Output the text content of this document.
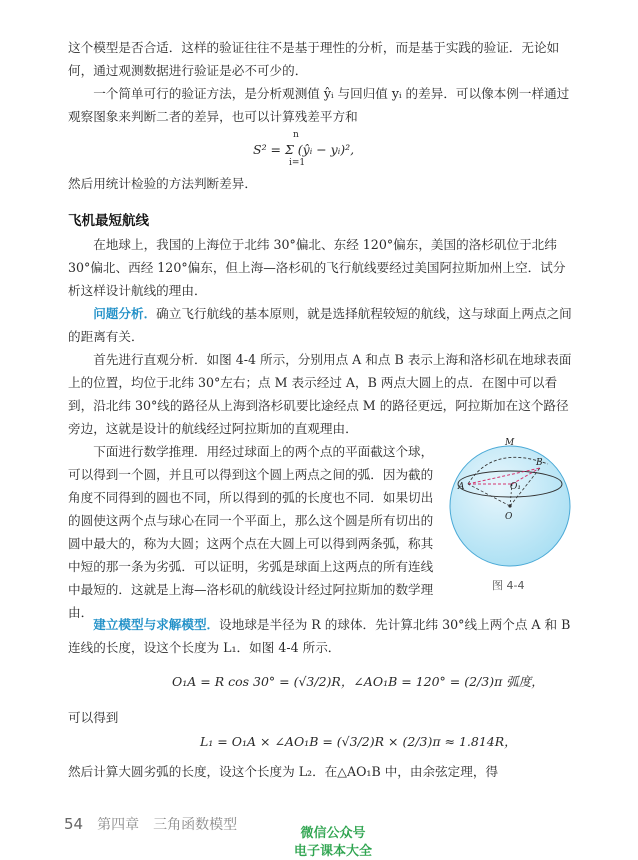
这个模型是否合适．这样的验证往往不是基于理性的分析，而是基于实践的验证．无论如何，通过观测数据进行验证是必不可少的．

一个简单可行的验证方法，是分析观测值 ŷᵢ 与回归值 yᵢ 的差异．可以像本例一样通过观察图象来判断二者的差异，也可以计算残差平方和

S² = Σ (ŷᵢ − yᵢ)²,
n
i=1

然后用统计检验的方法判断差异．

飞机最短航线

在地球上，我国的上海位于北纬 30°偏北、东经 120°偏东，美国的洛杉矶位于北纬 30°偏北、西经 120°偏东，但上海—洛杉矶的飞行航线要经过美国阿拉斯加州上空．试分析这样设计航线的理由．

问题分析．确立飞行航线的基本原则，就是选择航程较短的航线，这与球面上两点之间的距离有关．

首先进行直观分析．如图 4-4 所示，分别用点 A 和点 B 表示上海和洛杉矶在地球表面上的位置，均位于北纬 30°左右；点 M 表示经过 A，B 两点大圆上的点．在图中可以看到，沿北纬 30°线的路径从上海到洛杉矶要比途经点 M 的路径更远，阿拉斯加在这个路径旁边，这就是设计的航线经过阿拉斯加的直观理由．

下面进行数学推理．用经过球面上的两个点的平面截这个球，可以得到一个圆，并且可以得到这个圆上两点之间的弧．因为截的角度不同得到的圆也不同，所以得到的弧的长度也不同．如果切出的圆使这两个点与球心在同一个平面上，那么这个圆是所有切出的圆中最大的，称为大圆；这两个点在大圆上可以得到两条弧，称其中短的那一条为劣弧．可以证明，劣弧是球面上这两点的所有连线中最短的．这就是上海—洛杉矶的航线设计经过阿拉斯加的数学理由．

M
B
A	O₁
O
图 4-4

建立模型与求解模型．设地球是半径为 R 的球体．先计算北纬 30°线上两个点 A 和 B 连线的长度，设这个长度为 L₁．如图 4-4 所示．

O₁A = R cos 30° = (√3/2)R，∠AO₁B = 120° = (2/3)π 弧度，

可以得到

L₁ = O₁A × ∠AO₁B = (√3/2)R × (2/3)π ≈ 1.814R，

然后计算大圆劣弧的长度，设这个长度为 L₂．在△AO₁B 中，由余弦定理，得

54 第四章　三角函数模型
微信公众号
电子课本大全
